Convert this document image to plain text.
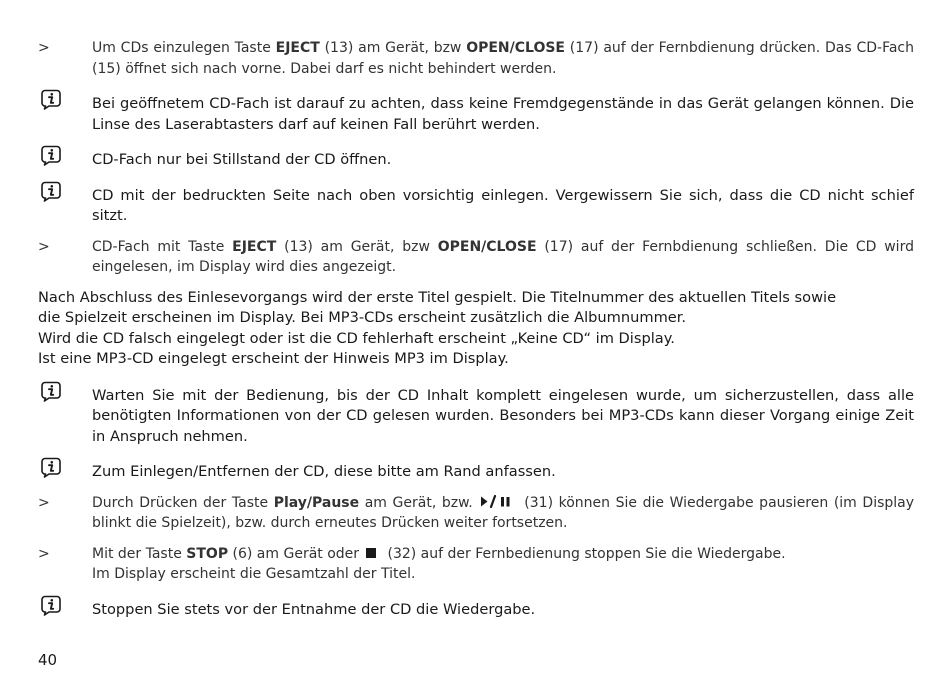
>	Um CDs einzulegen Taste EJECT (13) am Gerät, bzw OPEN/CLOSE (17) auf der Fernbdienung drücken. Das CD-Fach (15) öffnet sich nach vorne. Dabei darf es nicht behindert werden.
Bei geöffnetem CD-Fach ist darauf zu achten, dass keine Fremdgegenstände in das Gerät gelangen können. Die Linse des Laserabtasters darf auf keinen Fall berührt werden.
CD-Fach nur bei Stillstand der CD öffnen.
CD mit der bedruckten Seite nach oben vorsichtig einlegen. Vergewissern Sie sich, dass die CD nicht schief sitzt.
>	CD-Fach mit Taste EJECT (13) am Gerät, bzw OPEN/CLOSE (17) auf der Fernbdienung schließen. Die CD wird eingelesen, im Display wird dies angezeigt.
Nach Abschluss des Einlesevorgangs wird der erste Titel gespielt. Die Titelnummer des aktuellen Titels sowie
die Spielzeit erscheinen im Display. Bei MP3-CDs erscheint zusätzlich die Albumnummer.
Wird die CD falsch eingelegt oder ist die CD fehlerhaft erscheint „Keine CD“ im Display.
Ist eine MP3-CD eingelegt erscheint der Hinweis MP3 im Display.
Warten Sie mit der Bedienung, bis der CD Inhalt komplett eingelesen wurde, um sicherzustellen, dass alle benötigten Informationen von der CD gelesen wurden. Besonders bei MP3-CDs kann dieser Vorgang einige Zeit in Anspruch nehmen.
Zum Einlegen/Entfernen der CD, diese bitte am Rand anfassen.
>	Durch Drücken der Taste Play/Pause am Gerät, bzw.	(31) können Sie die Wiedergabe pausieren (im Display blinkt die Spielzeit), bzw. durch erneutes Drücken weiter fortsetzen.
>	Mit der Taste STOP (6) am Gerät oder (32) auf der Fernbedienung stoppen Sie die Wiedergabe.
Im Display erscheint die Gesamtzahl der Titel.
Stoppen Sie stets vor der Entnahme der CD die Wiedergabe.
40
